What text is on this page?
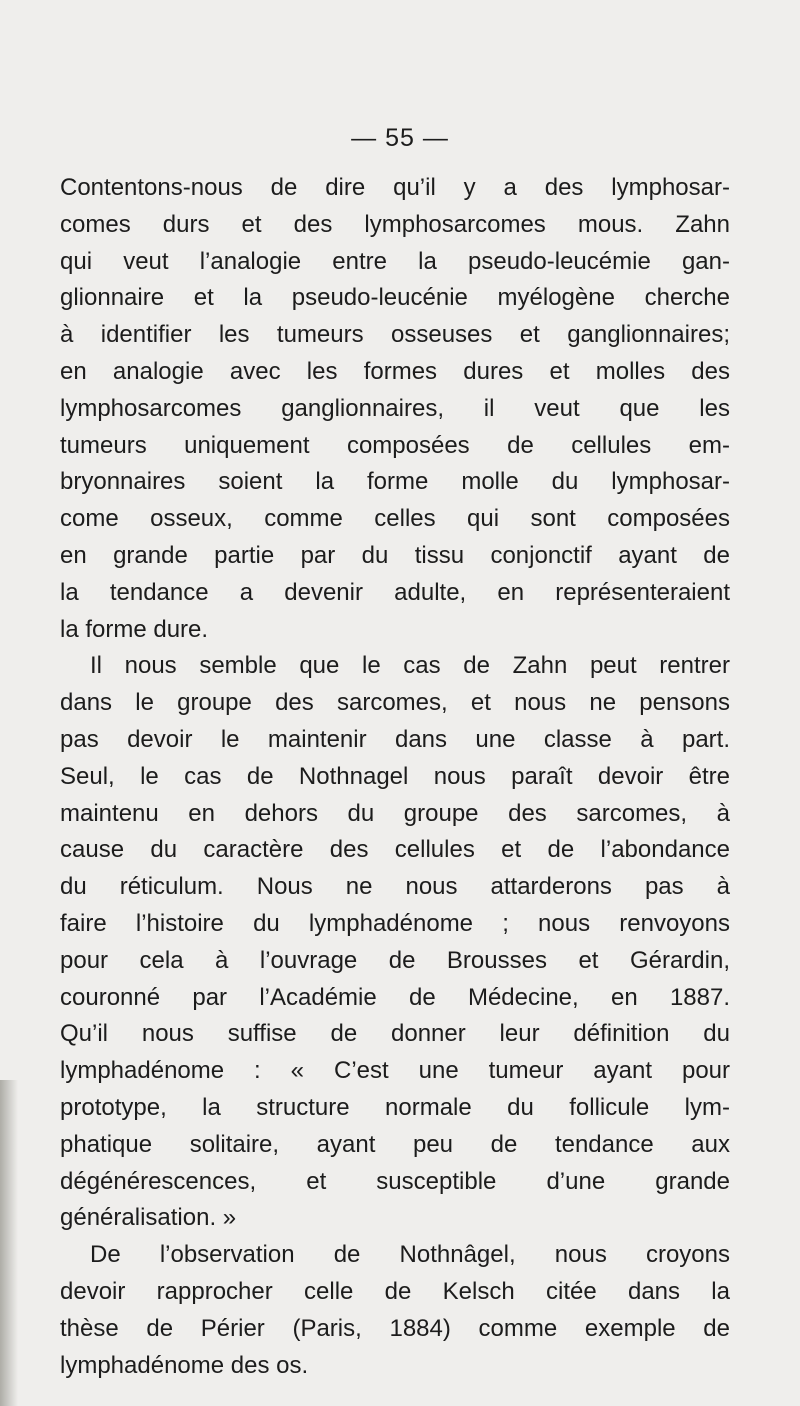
— 55 —
Contentons-nous de dire qu’il y a des lymphosar-
comes durs et des lymphosarcomes mous. Zahn
qui veut l’analogie entre la pseudo-leucémie gan-
glionnaire et la pseudo-leucénie myélogène cherche
à identifier les tumeurs osseuses et ganglionnaires;
en analogie avec les formes dures et molles des
lymphosarcomes ganglionnaires, il veut que les
tumeurs uniquement composées de cellules em-
bryonnaires soient la forme molle du lymphosar-
come osseux, comme celles qui sont composées
en grande partie par du tissu conjonctif ayant de
la tendance a devenir adulte, en représenteraient
la forme dure.
Il nous semble que le cas de Zahn peut rentrer
dans le groupe des sarcomes, et nous ne pensons
pas devoir le maintenir dans une classe à part.
Seul, le cas de Nothnagel nous paraît devoir être
maintenu en dehors du groupe des sarcomes, à
cause du caractère des cellules et de l’abondance
du réticulum. Nous ne nous attarderons pas à
faire l’histoire du lymphadénome ; nous renvoyons
pour cela à l’ouvrage de Brousses et Gérardin,
couronné par l’Académie de Médecine, en 1887.
Qu’il nous suffise de donner leur définition du
lymphadénome : « C’est une tumeur ayant pour
prototype, la structure normale du follicule lym-
phatique solitaire, ayant peu de tendance aux
dégénérescences, et susceptible d’une grande
généralisation. »
De l’observation de Nothnâgel, nous croyons
devoir rapprocher celle de Kelsch citée dans la
thèse de Périer (Paris, 1884) comme exemple de
lymphadénome des os.
